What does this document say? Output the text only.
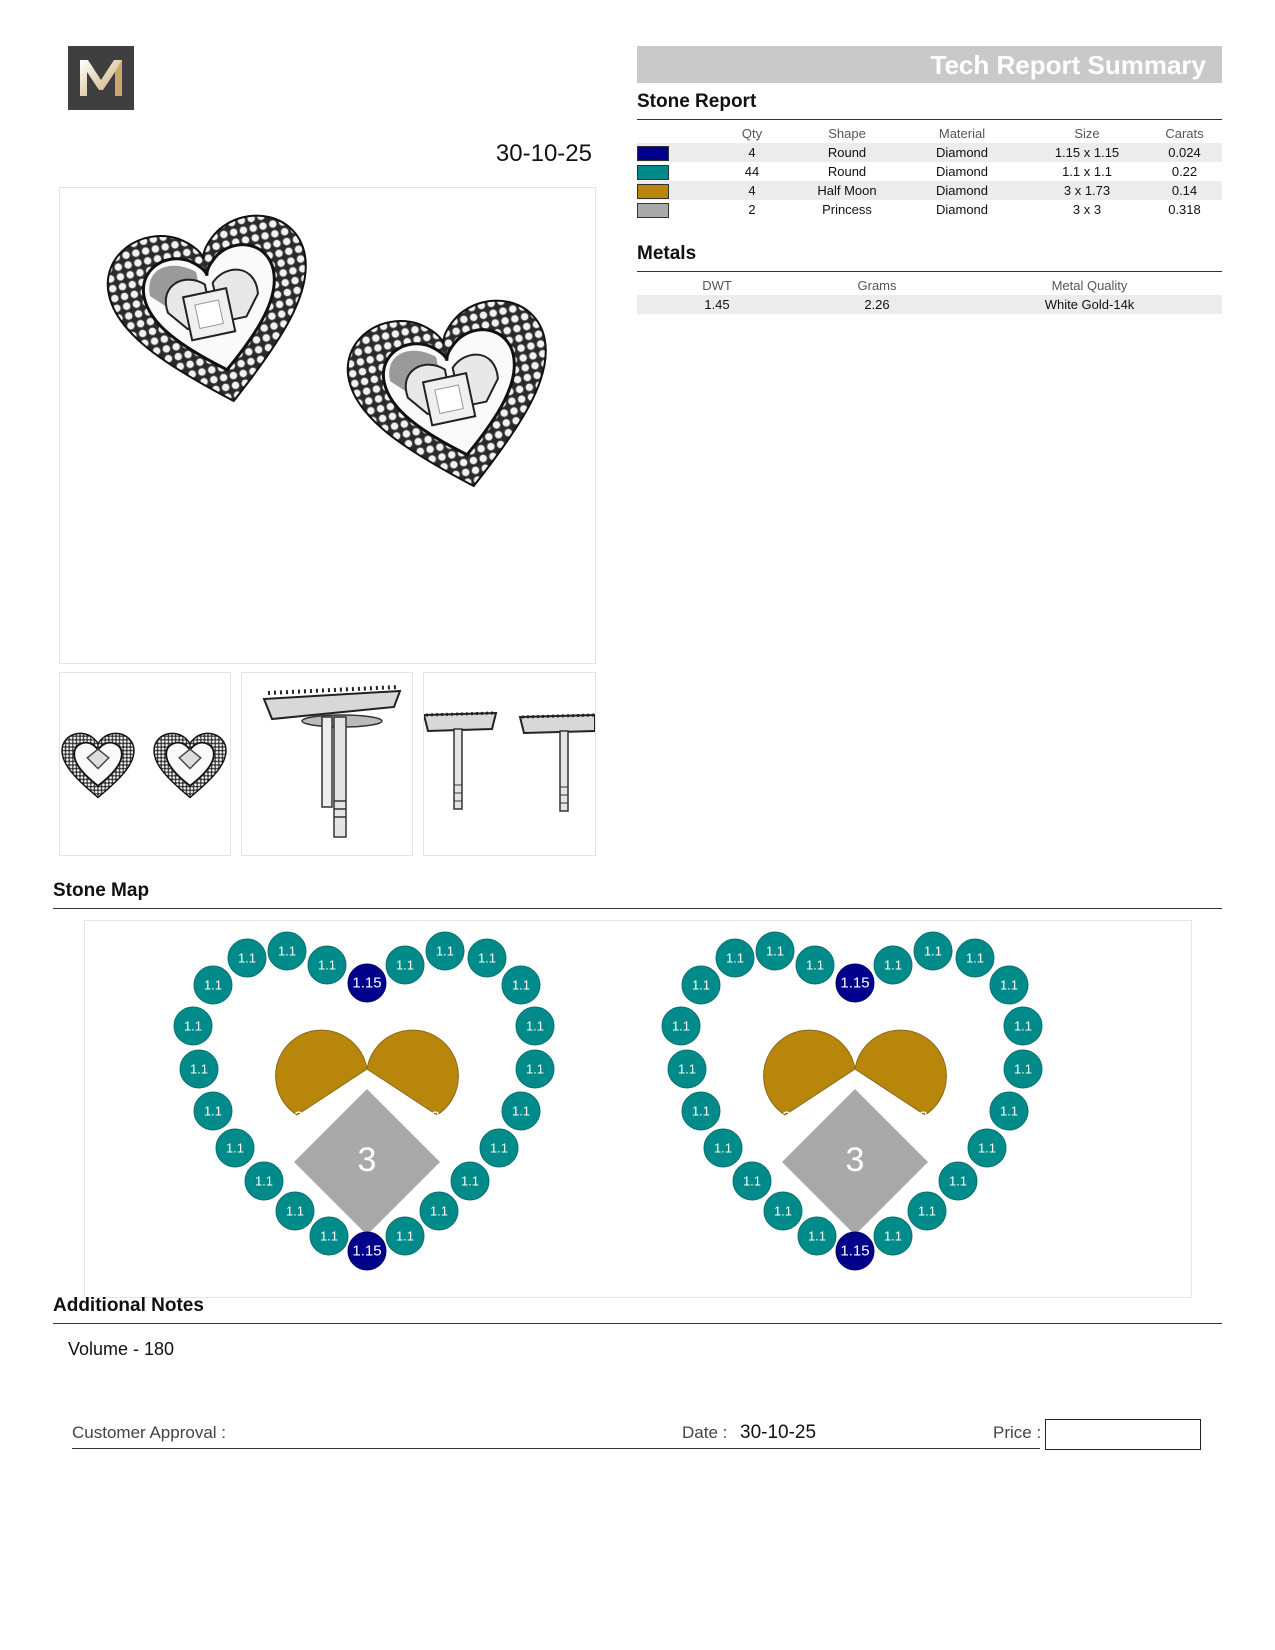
Tech Report Summary
30-10-25
Stone Report
	Qty	Shape	Material	Size	Carats
	4	Round	Diamond	1.15 x 1.15	0.024
	44	Round	Diamond	1.1 x 1.1	0.22
	4	Half Moon	Diamond	3 x 1.73	0.14
	2	Princess	Diamond	3 x 3	0.318
Metals
DWT	Grams	Metal Quality
1.45	2.26	White Gold-14k
Stone Map
3 x 1.7	x 1.73
3
1.1 1.1
1.1	1.1
1.1 1.1
1.1
1.1
1.1
1.1
1.1
1.1
1.1
1.1
1.1
1.1
1.1
1.1
1.1
1.1
1.1
1.1
1.15
1.15
3 x 1.7	x 1.73
3
1.1 1.1
1.1	1.1
1.1 1.1
1.1
1.1
1.1
1.1
1.1
1.1
1.1
1.1
1.1
1.1
1.1
1.1
1.1
1.1
1.1
1.1
1.15
1.15
Additional Notes
Volume - 180
Customer Approval :	Date : 30-10-25	Price :
